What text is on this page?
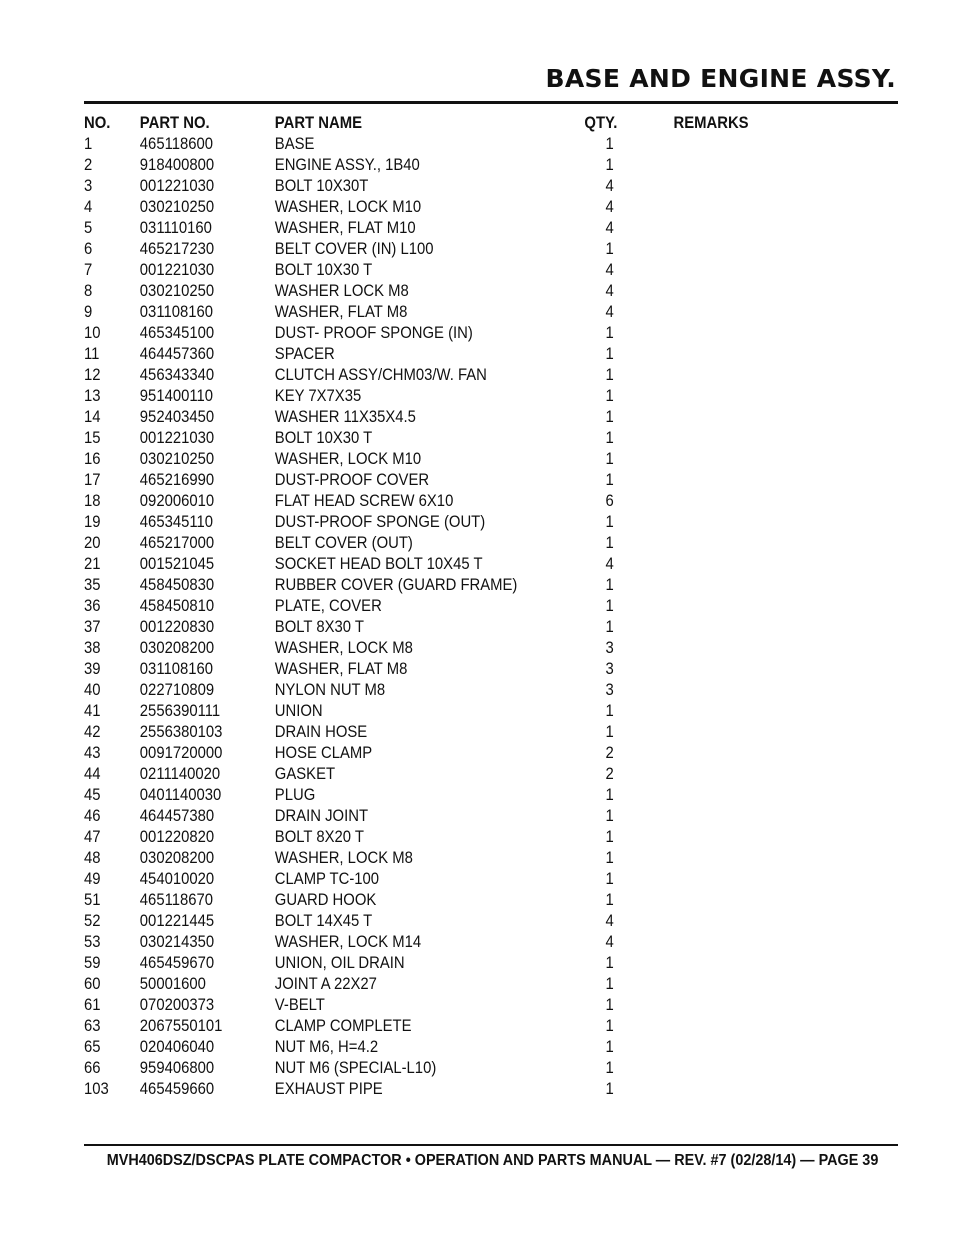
BASE AND ENGINE ASSY.
NO. PART NO.	PART NAME	QTY.	REMARKS
1	465118600	BASE	1
2	918400800	ENGINE ASSY., 1B40	1
3	001221030	BOLT 10X30T	4
4	030210250	WASHER, LOCK M10	4
5	031110160	WASHER, FLAT M10	4
6	465217230	BELT COVER (IN) L100	1
7	001221030	BOLT 10X30 T	4
8	030210250	WASHER LOCK M8	4
9	031108160	WASHER, FLAT M8	4
10 465345100	DUST- PROOF SPONGE (IN)	1
11 464457360	SPACER	1
12 456343340	CLUTCH ASSY/CHM03/W. FAN	1
13 951400110	KEY 7X7X35	1
14 952403450	WASHER 11X35X4.5	1
15 001221030	BOLT 10X30 T	1
16 030210250	WASHER, LOCK M10	1
17 465216990	DUST-PROOF COVER	1
18 092006010	FLAT HEAD SCREW 6X10	6
19 465345110	DUST-PROOF SPONGE (OUT)	1
20 465217000	BELT COVER (OUT)	1
21 001521045	SOCKET HEAD BOLT 10X45 T	4
35 458450830	RUBBER COVER (GUARD FRAME)	1
36 458450810	PLATE, COVER	1
37 001220830	BOLT 8X30 T	1
38 030208200	WASHER, LOCK M8	3
39 031108160	WASHER, FLAT M8	3
40 022710809	NYLON NUT M8	3
41 2556390111	UNION	1
42 2556380103	DRAIN HOSE	1
43 0091720000	HOSE CLAMP	2
44 0211140020	GASKET	2
45 0401140030	PLUG	1
46 464457380	DRAIN JOINT	1
47 001220820	BOLT 8X20 T	1
48 030208200	WASHER, LOCK M8	1
49 454010020	CLAMP TC-100	1
51 465118670	GUARD HOOK	1
52 001221445	BOLT 14X45 T	4
53 030214350	WASHER, LOCK M14	4
59 465459670	UNION, OIL DRAIN	1
60 50001600	JOINT A 22X27	1
61 070200373	V-BELT	1
63 2067550101	CLAMP COMPLETE	1
65 020406040	NUT M6, H=4.2	1
66 959406800	NUT M6 (SPECIAL-L10)	1
103 465459660	EXHAUST PIPE	1
MVH406DSZ/DSCPAS PLATE COMPACTOR • OPERATION AND PARTS MANUAL — REV. #7 (02/28/14) — PAGE 39
